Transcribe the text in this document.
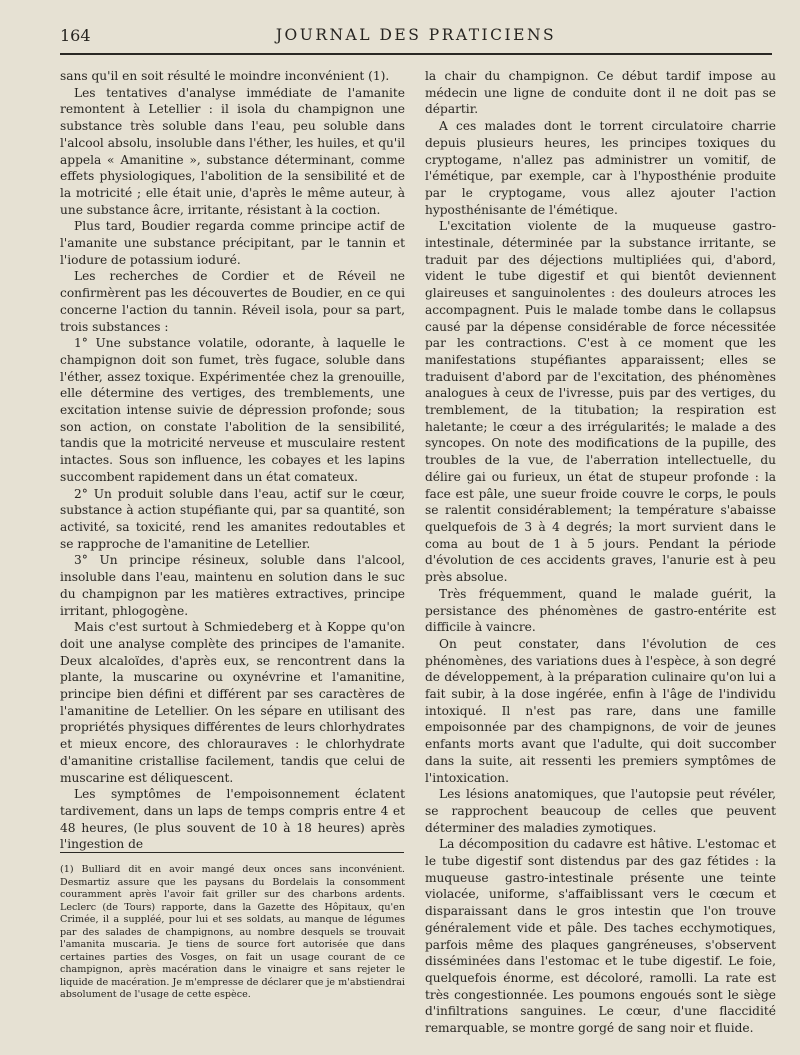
164	JOURNAL DES PRATICIENS

sans qu'il en soit résulté le moindre inconvénient (1).

Les tentatives d'analyse immédiate de l'amanite remontent à Letellier : il isola du champignon une substance très soluble dans l'eau, peu soluble dans l'alcool absolu, insoluble dans l'éther, les huiles, et qu'il appela « Amanitine », substance déterminant, comme effets physiologiques, l'abolition de la sensibilité et de la motricité ; elle était unie, d'après le même auteur, à une substance âcre, irritante, résistant à la coction.

Plus tard, Boudier regarda comme principe actif de l'amanite une substance précipitant, par le tannin et l'iodure de potassium ioduré.

Les recherches de Cordier et de Réveil ne confirmèrent pas les découvertes de Boudier, en ce qui concerne l'action du tannin. Réveil isola, pour sa part, trois substances :

1° Une substance volatile, odorante, à laquelle le champignon doit son fumet, très fugace, soluble dans l'éther, assez toxique. Expérimentée chez la grenouille, elle détermine des vertiges, des tremblements, une excitation intense suivie de dépression profonde; sous son action, on constate l'abolition de la sensibilité, tandis que la motricité nerveuse et musculaire restent intactes. Sous son influence, les cobayes et les lapins succombent rapidement dans un état comateux.

2° Un produit soluble dans l'eau, actif sur le cœur, substance à action stupéfiante qui, par sa quantité, son activité, sa toxicité, rend les amanites redoutables et se rapproche de l'amanitine de Letellier.

3° Un principe résineux, soluble dans l'alcool, insoluble dans l'eau, maintenu en solution dans le suc du champignon par les matières extractives, principe irritant, phlogogène.

Mais c'est surtout à Schmiedeberg et à Koppe qu'on doit une analyse complète des principes de l'amanite. Deux alcaloïdes, d'après eux, se rencontrent dans la plante, la muscarine ou oxynévrine et l'amanitine, principe bien défini et différent par ses caractères de l'amanitine de Letellier. On les sépare en utilisant des propriétés physiques différentes de leurs chlorhydrates et mieux encore, des chlorauraves : le chlorhydrate d'amanitine cristallise facilement, tandis que celui de muscarine est déliquescent.

Les symptômes de l'empoisonnement éclatent tardivement, dans un laps de temps compris entre 4 et 48 heures, (le plus souvent de 10 à 18 heures) après l'ingestion de

(1) Bulliard dit en avoir mangé deux onces sans inconvénient. Desmartiz assure que les paysans du Bordelais la consomment couramment après l'avoir fait griller sur des charbons ardents. Leclerc (de Tours) rapporte, dans la Gazette des Hôpitaux, qu'en Crimée, il a suppléé, pour lui et ses soldats, au manque de légumes par des salades de champignons, au nombre desquels se trouvait l'amanita muscaria. Je tiens de source fort autorisée que dans certaines parties des Vosges, on fait un usage courant de ce champignon, après macération dans le vinaigre et sans rejeter le liquide de macération. Je m'empresse de déclarer que je m'abstiendrai absolument de l'usage de cette espèce.

la chair du champignon. Ce début tardif impose au médecin une ligne de conduite dont il ne doit pas se départir.

A ces malades dont le torrent circulatoire charrie depuis plusieurs heures, les principes toxiques du cryptogame, n'allez pas administrer un vomitif, de l'émétique, par exemple, car à l'hyposthénie produite par le cryptogame, vous allez ajouter l'action hyposthénisante de l'émétique.

L'excitation violente de la muqueuse gastro-intestinale, déterminée par la substance irritante, se traduit par des déjections multipliées qui, d'abord, vident le tube digestif et qui bientôt deviennent glaireuses et sanguinolentes : des douleurs atroces les accompagnent. Puis le malade tombe dans le collapsus causé par la dépense considérable de force nécessitée par les contractions. C'est à ce moment que les manifestations stupéfiantes apparaissent; elles se traduisent d'abord par de l'excitation, des phénomènes analogues à ceux de l'ivresse, puis par des vertiges, du tremblement, de la titubation; la respiration est haletante; le cœur a des irrégularités; le malade a des syncopes. On note des modifications de la pupille, des troubles de la vue, de l'aberration intellectuelle, du délire gai ou furieux, un état de stupeur profonde : la face est pâle, une sueur froide couvre le corps, le pouls se ralentit considérablement; la température s'abaisse quelquefois de 3 à 4 degrés; la mort survient dans le coma au bout de 1 à 5 jours. Pendant la période d'évolution de ces accidents graves, l'anurie est à peu près absolue.

Très fréquemment, quand le malade guérit, la persistance des phénomènes de gastro-entérite est difficile à vaincre.

On peut constater, dans l'évolution de ces phénomènes, des variations dues à l'espèce, à son degré de développement, à la préparation culinaire qu'on lui a fait subir, à la dose ingérée, enfin à l'âge de l'individu intoxiqué. Il n'est pas rare, dans une famille empoisonnée par des champignons, de voir de jeunes enfants morts avant que l'adulte, qui doit succomber dans la suite, ait ressenti les premiers symptômes de l'intoxication.

Les lésions anatomiques, que l'autopsie peut révéler, se rapprochent beaucoup de celles que peuvent déterminer des maladies zymotiques.

La décomposition du cadavre est hâtive. L'estomac et le tube digestif sont distendus par des gaz fétides : la muqueuse gastro-intestinale présente une teinte violacée, uniforme, s'affaiblissant vers le cœcum et disparaissant dans le gros intestin que l'on trouve généralement vide et pâle. Des taches ecchymotiques, parfois même des plaques gangréneuses, s'observent disséminées dans l'estomac et le tube digestif. Le foie, quelquefois énorme, est décoloré, ramolli. La rate est très congestionnée. Les poumons engoués sont le siège d'infiltrations sanguines. Le cœur, d'une flaccidité remarquable, se montre gorgé de sang noir et fluide.
